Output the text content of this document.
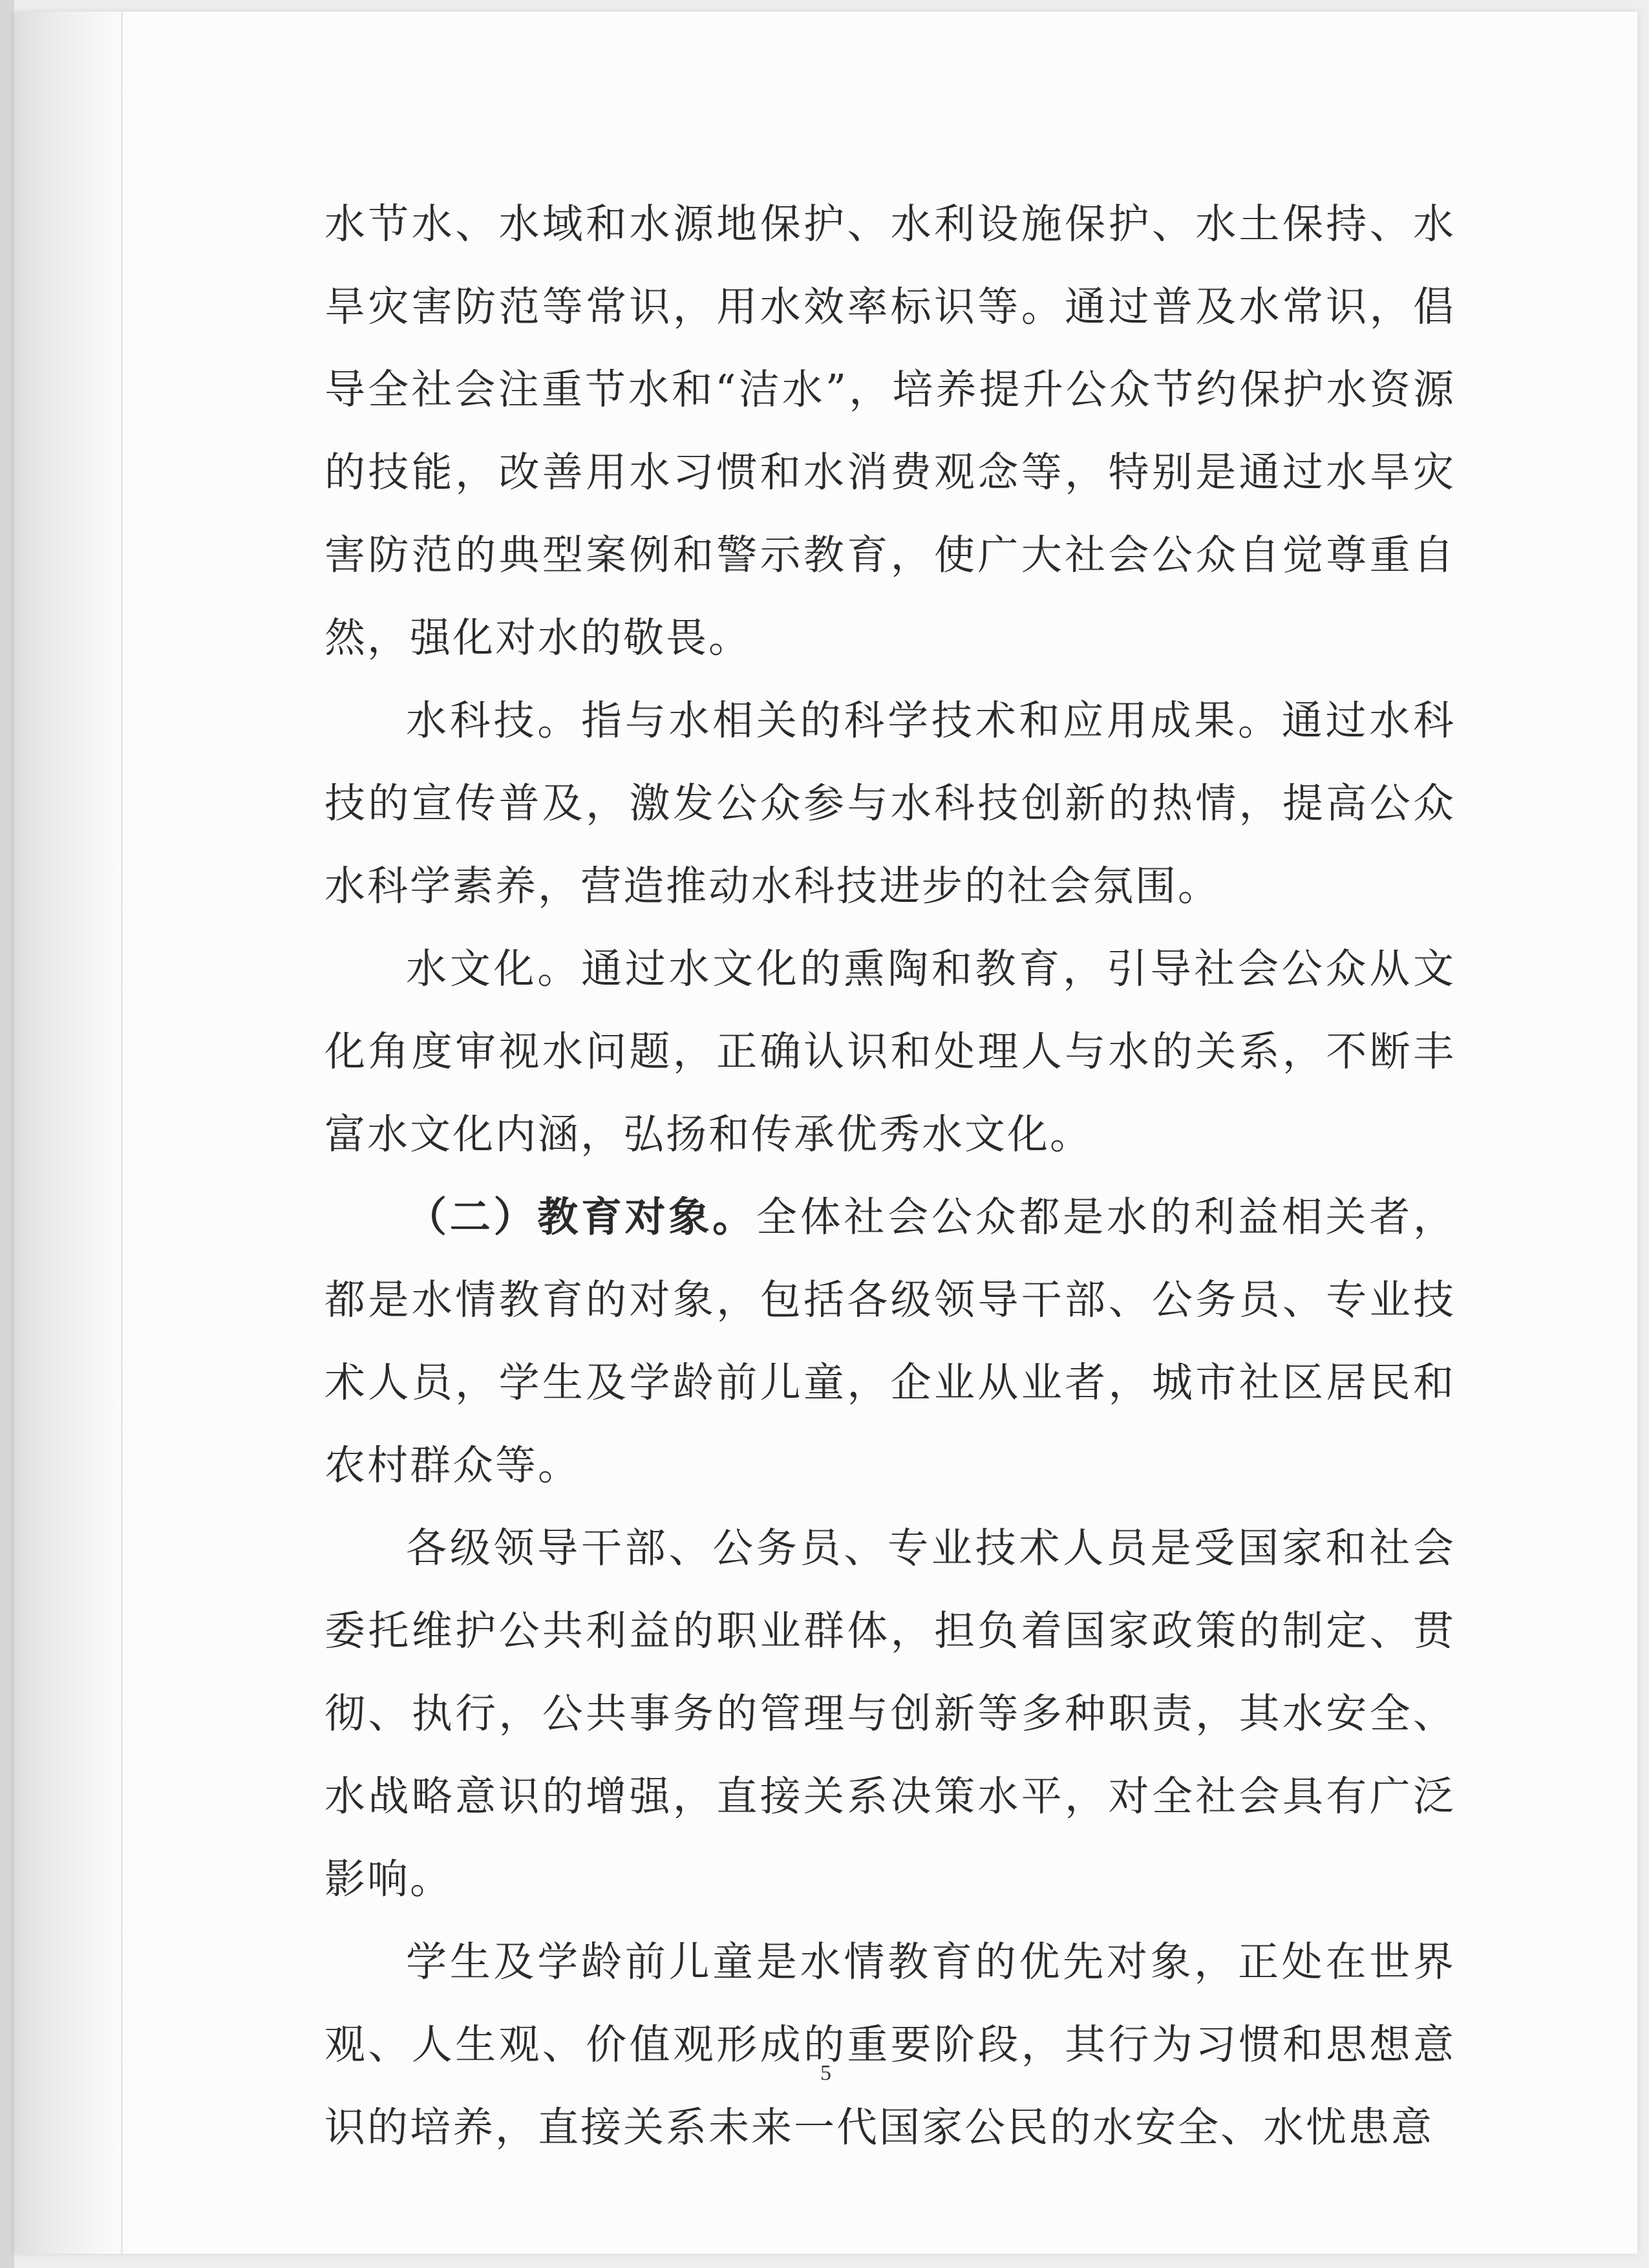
水节水、水域和水源地保护、水利设施保护、水土保持、水旱灾害防范等常识，用水效率标识等。通过普及水常识，倡导全社会注重节水和“洁水”，培养提升公众节约保护水资源的技能，改善用水习惯和水消费观念等，特别是通过水旱灾害防范的典型案例和警示教育，使广大社会公众自觉尊重自然，强化对水的敬畏。

水科技。指与水相关的科学技术和应用成果。通过水科技的宣传普及，激发公众参与水科技创新的热情，提高公众水科学素养，营造推动水科技进步的社会氛围。

水文化。通过水文化的熏陶和教育，引导社会公众从文化角度审视水问题，正确认识和处理人与水的关系，不断丰富水文化内涵，弘扬和传承优秀水文化。

（二）教育对象。全体社会公众都是水的利益相关者，都是水情教育的对象，包括各级领导干部、公务员、专业技术人员，学生及学龄前儿童，企业从业者，城市社区居民和农村群众等。

各级领导干部、公务员、专业技术人员是受国家和社会委托维护公共利益的职业群体，担负着国家政策的制定、贯彻、执行，公共事务的管理与创新等多种职责，其水安全、水战略意识的增强，直接关系决策水平，对全社会具有广泛影响。

学生及学龄前儿童是水情教育的优先对象，正处在世界观、人生观、价值观形成的重要阶段，其行为习惯和思想意识的培养，直接关系未来一代国家公民的水安全、水忧患意

5
